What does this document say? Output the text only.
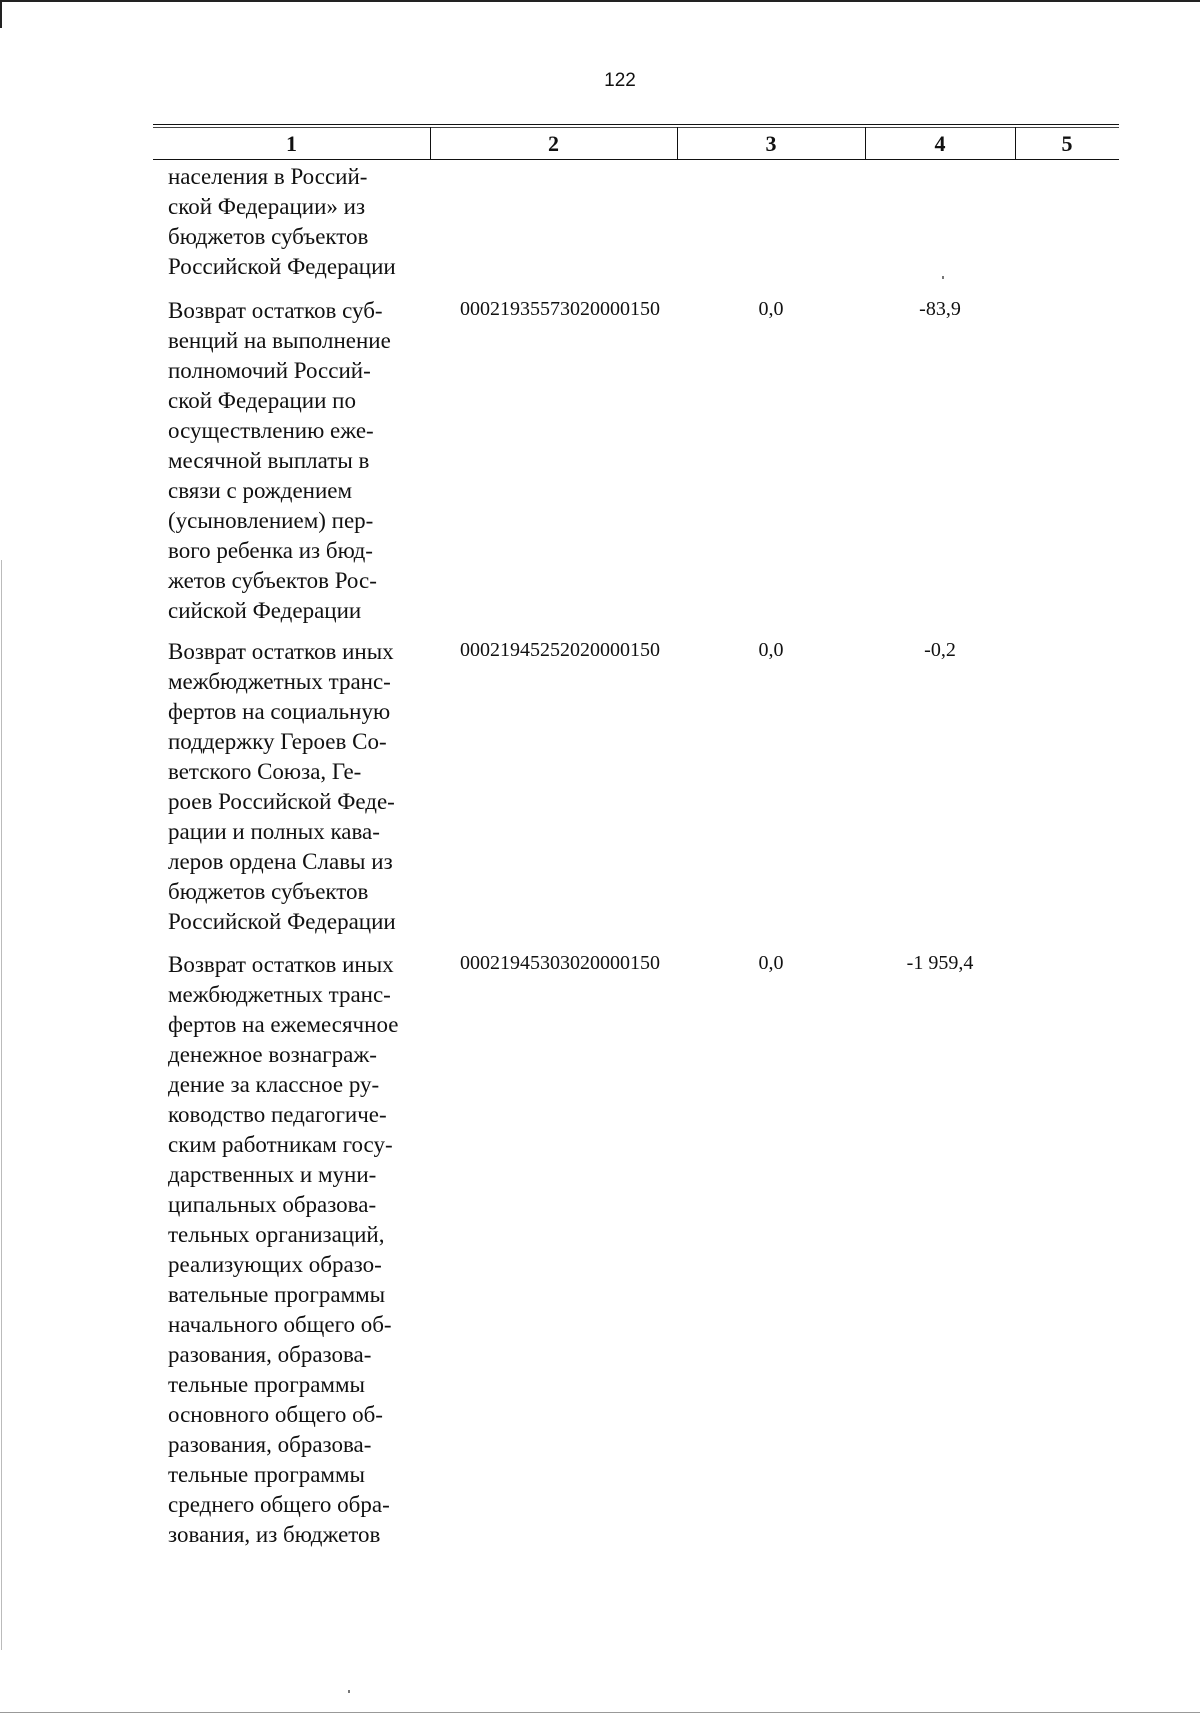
122
1	2	3	4	5
населения в Россий-
ской Федерации» из
бюджетов субъектов
Российской Федерации
Возврат остатков суб-
венций на выполнение
полномочий Россий-
ской Федерации по
осуществлению еже-
месячной выплаты в
связи с рождением
(усыновлением) пер-
вого ребенка из бюд-
жетов субъектов Рос-
сийской Федерации
00021935573020000150	0,0	-83,9
Возврат остатков иных
межбюджетных транс-
фертов на социальную
поддержку Героев Со-
ветского Союза, Ге-
роев Российской Феде-
рации и полных кава-
леров ордена Славы из
бюджетов субъектов
Российской Федерации
00021945252020000150	0,0	-0,2
Возврат остатков иных
межбюджетных транс-
фертов на ежемесячное
денежное вознаграж-
дение за классное ру-
ководство педагогиче-
ским работникам госу-
дарственных и муни-
ципальных образова-
тельных организаций,
реализующих образо-
вательные программы
начального общего об-
разования, образова-
тельные программы
основного общего об-
разования, образова-
тельные программы
среднего общего обра-
зования, из бюджетов
00021945303020000150	0,0	-1 959,4
